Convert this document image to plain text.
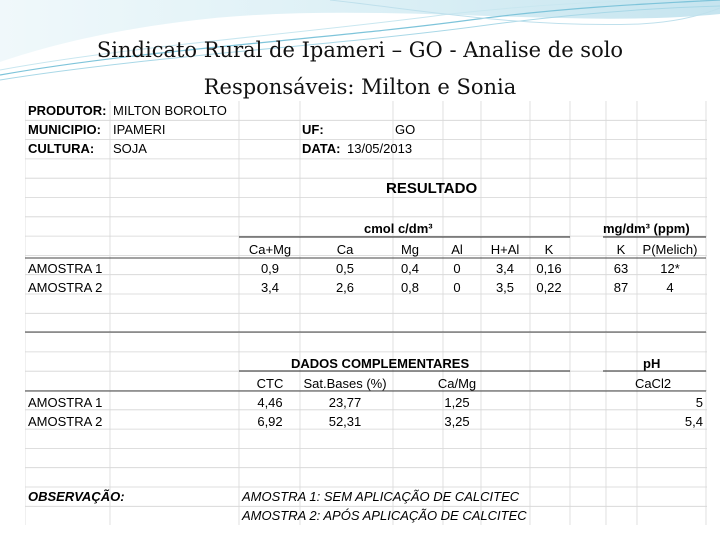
Sindicato Rural de Ipameri – GO - Analise de solo
Responsáveis: Milton e Sonia
PRODUTOR: MILTON BOROLTO
MUNICIPIO: IPAMERI	UF:	GO
CULTURA: SOJA	DATA: 13/05/2013
RESULTADO
cmol c/dm³	mg/dm³ (ppm)
Ca+Mg	Ca	Mg	Al	H+Al	K	K	P(Melich)
AMOSTRA 1	0,9	0,5	0,4	0	3,4	0,16	63	12*
AMOSTRA 2	3,4	2,6	0,8	0	3,5	0,22	87	4
DADOS COMPLEMENTARES	pH
CTC	Sat.Bases (%)	Ca/Mg	CaCl2
AMOSTRA 1	4,46	23,77	1,25	5
AMOSTRA 2	6,92	52,31	3,25	5,4
OBSERVAÇÃO:	AMOSTRA 1: SEM APLICAÇÃO DE CALCITEC
AMOSTRA 2: APÓS APLICAÇÃO DE CALCITEC
